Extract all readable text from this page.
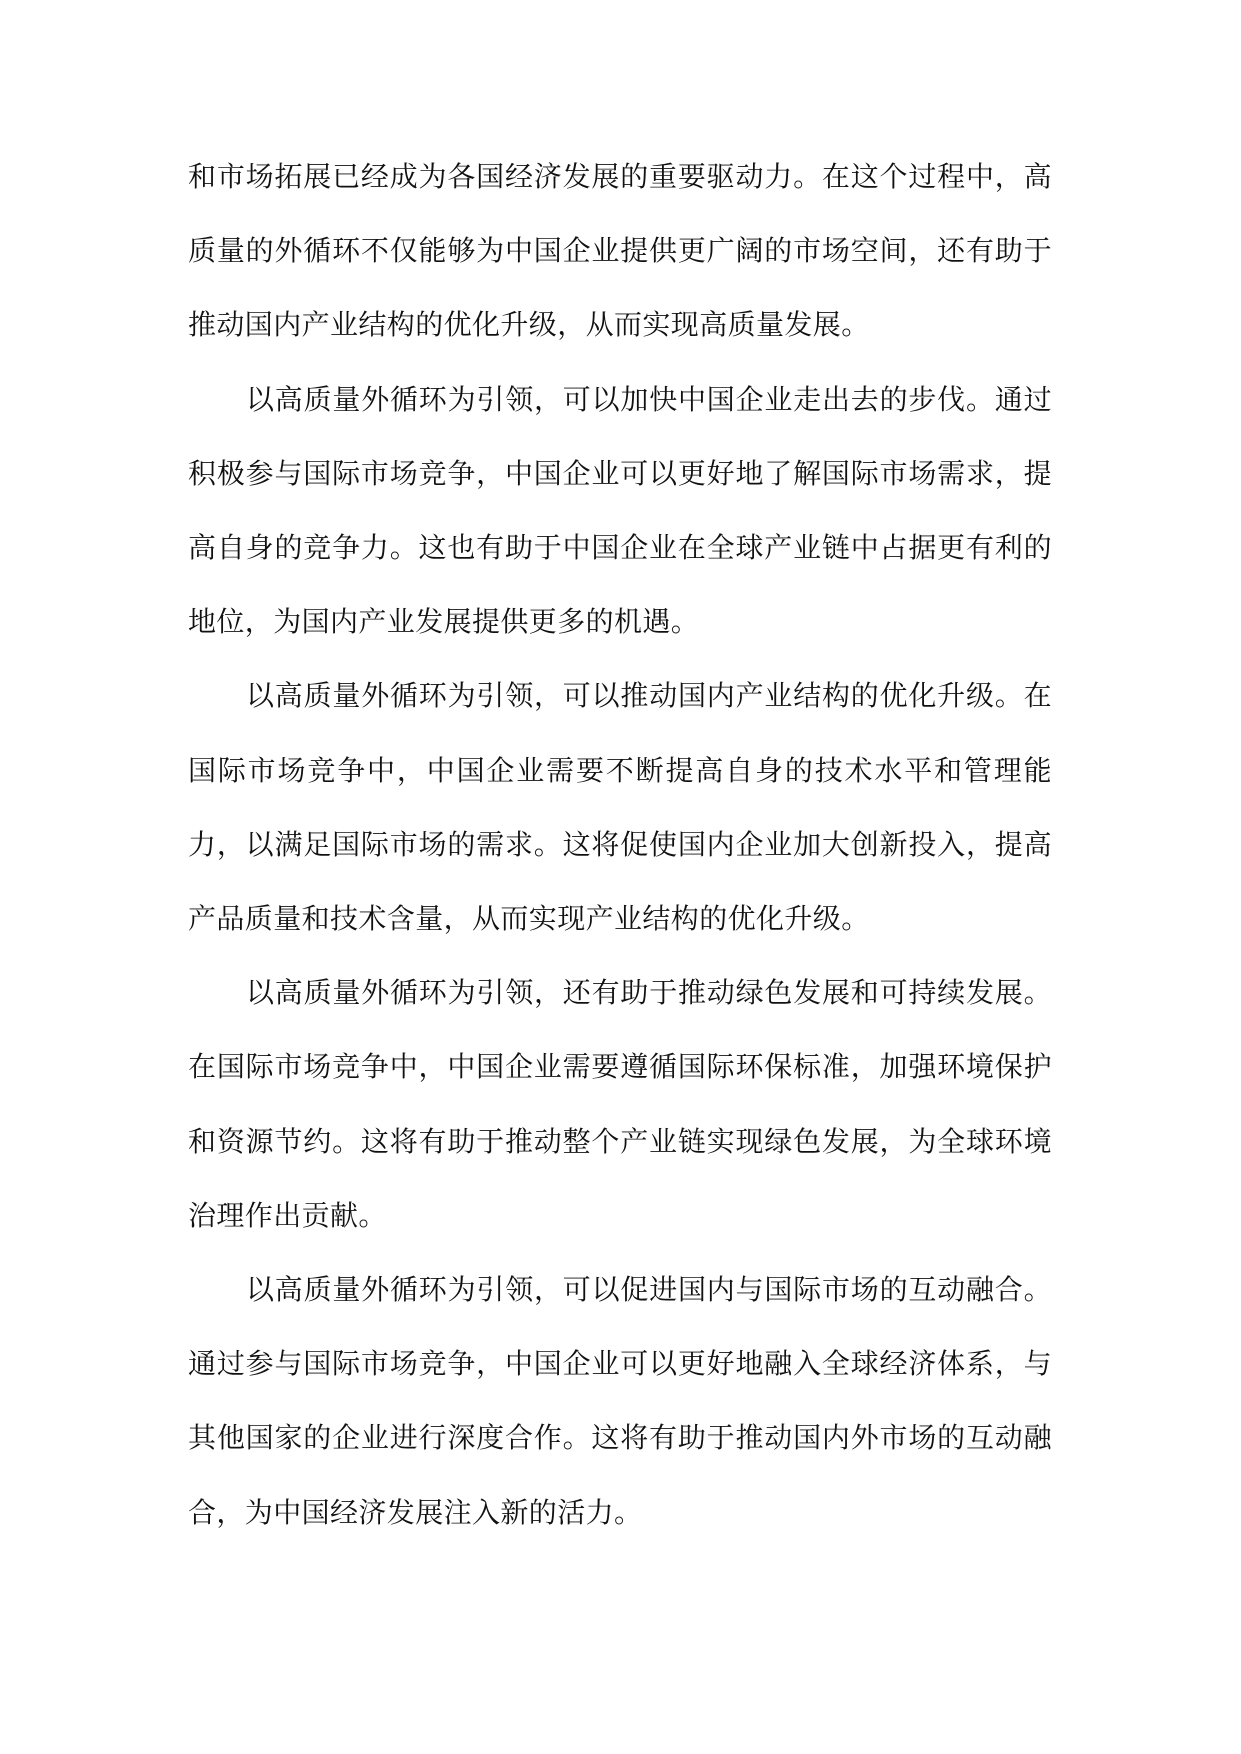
和市场拓展已经成为各国经济发展的重要驱动力。在这个过程中，高质量的外循环不仅能够为中国企业提供更广阔的市场空间，还有助于推动国内产业结构的优化升级，从而实现高质量发展。

以高质量外循环为引领，可以加快中国企业走出去的步伐。通过积极参与国际市场竞争，中国企业可以更好地了解国际市场需求，提高自身的竞争力。这也有助于中国企业在全球产业链中占据更有利的地位，为国内产业发展提供更多的机遇。

以高质量外循环为引领，可以推动国内产业结构的优化升级。在国际市场竞争中，中国企业需要不断提高自身的技术水平和管理能力，以满足国际市场的需求。这将促使国内企业加大创新投入，提高产品质量和技术含量，从而实现产业结构的优化升级。

以高质量外循环为引领，还有助于推动绿色发展和可持续发展。在国际市场竞争中，中国企业需要遵循国际环保标准，加强环境保护和资源节约。这将有助于推动整个产业链实现绿色发展，为全球环境治理作出贡献。

以高质量外循环为引领，可以促进国内与国际市场的互动融合。通过参与国际市场竞争，中国企业可以更好地融入全球经济体系，与其他国家的企业进行深度合作。这将有助于推动国内外市场的互动融合，为中国经济发展注入新的活力。
